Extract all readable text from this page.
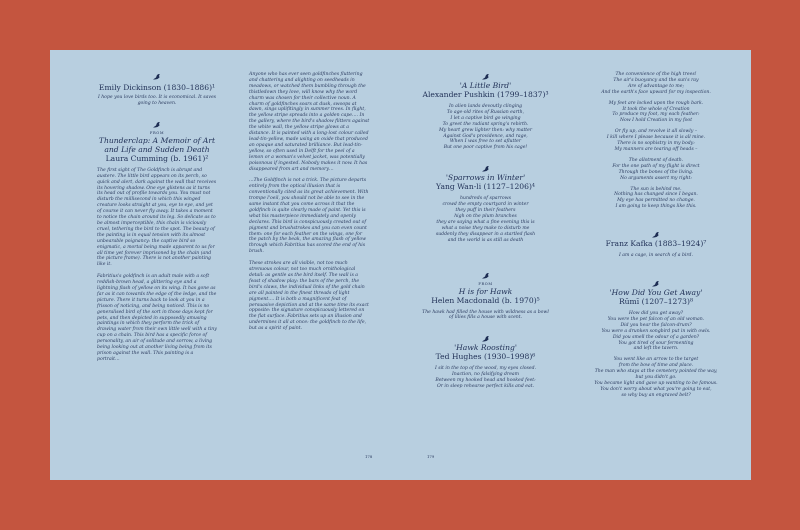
Emily Dickinson (1830–1886)¹

I hope you love birds too. It is economical. It saves going to heaven.

FROM
Thunderclap: A Memoir of Art
and Life and Sudden Death
Laura Cumming (b. 1961)²

The first sight of The Goldfinch is abrupt and austere. The little bird appears on its perch, so quick and alert, dark against the wall that receives its hovering shadow. One eye glistens as it turns its head out of profile towards you. You must not disturb the millisecond in which this winged creature looks straight at you, eye to eye, and yet of course it can never fly away. It takes a moment to notice the chain around its leg. So delicate as to be almost imperceptible, this chain is viciously cruel, tethering the bird to the spot. The beauty of the painting is in equal tension with its almost unbearable poignancy: the captive bird so enigmatic, a mortal being made apparent to us for all time yet forever imprisoned by the chain (and the picture frame). There is not another painting like it.

Fabritius's goldfinch is an adult male with a soft reddish-brown head, a glittering eye and a lightning flash of yellow on its wing. It has gone as far as it can towards the edge of the ledge, and the picture. There it turns back to look at you in a frisson of noticing, and being noticed. This is no generalised bird of the sort in those days kept for pets, and then depicted in supposedly amusing paintings in which they perform the trick of drawing water from their own little well with a tiny cup on a chain. This bird has a specific force of personality, an air of solitude and sorrow, a living being looking out at another living being from its prison against the wall. This painting is a portrait…

Anyone who has ever seen goldfinches fluttering and chattering and alighting on seedheads in meadows, or watched them bumbling through the thistledown they love, will know why the word charm was chosen for their collective noun. A charm of goldfinches soars at dusk, swoops at dawn, sings uplifitingly in summer trees. In flight, the yellow stripe spreads into a golden cape.… In the gallery, where the bird's shadow flitters against the white wall, the yellow stripe glows at a distance. It is painted with a long-lost colour called lead-tin-yellow, made using an oxide that produced an opaque and saturated brilliance. But lead-tin-yellow, so often used in Delft for the peel of a lemon or a woman's velvet jacket, was potentially poisonous if ingested. Nobody makes it now. It has disappeared from art and memory…

…The Goldfinch is not a trick. The picture departs entirely from the optical illusion that is conventionally cited as its great achievement. With trompe l'oeil, you should not be able to see in the same instant that you come across it that the goldfinch is quite clearly made of paint. Yet this is what his masterpiece immediately and openly declares. This bird is conspicuously created out of pigment and brushstrokes and you can even count them: one for each feather on the wings, one for the patch by the beak, the amazing flash of yellow through which Fabritius has scored the end of his brush.

These strokes are all visible, not too much strenuous colour, not too much ornithological detail: as gentle as the bird itself. The wall is a feast of shadow play: the bars of the perch, the bird's claws, the individual links of the gold chain are all painted in the finest threads of light pigment.… It is both a magnificent feat of persuasive depiction and at the same time its exact opposite: the signature conspicuously lettered on the flat surface. Fabritius sets up an illusion and undermines it all at once: the goldfinch to the life, but as a spirit of paint.

'A Little Bird'
Alexander Pushkin (1799–1837)³
In alien lands devoutly clinging
To age-old rites of Russian earth,
I let a captive bird go winging
To greet the radiant spring's rebirth.
My heart grew lighter then: why matter
Against God's providence, and rage,
When I was free to set aflutter
But one poor captive from his cage!
'Sparrows in Winter'
Yang Wan-li (1127–1206)⁴
hundreds of sparrows
crowd the empty courtyard in winter
they puff in their feathers
high on the plum branches
they are saying what a fine evening this is
what a noise they make to disturb me
suddenly they disappear in a startled flash
and the world is as still as death
FROM
H is for Hawk
Helen Macdonald (b. 1970)⁵

The hawk had filled the house with wildness as a bowl of lilies fills a house with scent.

'Hawk Roosting'
Ted Hughes (1930–1998)⁶
I sit in the top of the wood, my eyes closed.
Inaction, no falsifying dream
Between my hooked head and hooked feet:
Or in sleep rehearse perfect kills and eat.
The convenience of the high trees!
The air's buoyancy and the sun's ray
Are of advantage to me;
And the earth's face upward for my inspection.
My feet are locked upon the rough bark.
It took the whole of Creation
To produce my foot, my each feather:
Now I hold Creation in my foot
Or fly up, and revolve it all slowly –
I kill where I please because it is all mine.
There is no sophistry in my body:
My manners are tearing off heads –
The allotment of death.
For the one path of my flight is direct
Through the bones of the living.
No arguments assert my right:
The sun is behind me.
Nothing has changed since I began.
My eye has permitted no change.
I am going to keep things like this.
Franz Kafka (1883–1924)⁷

I am a cage, in search of a bird.

'How Did You Get Away'
Rūmī (1207–1273)⁸
How did you get away?
You were the pet falcon of an old woman.
Did you hear the falcon-drum?
You were a drunken songbird put in with owls.
Did you smell the odour of a garden?
You got tired of sour fermenting
and left the tavern.
You went like an arrow to the target
from the bow of time and place.
The man who stays at the cemetery pointed the way,
but you didn't go.
You became light and gave up wanting to be famous.
You don't worry about what you're going to eat,
so why buy an engraved belt?
178	179
